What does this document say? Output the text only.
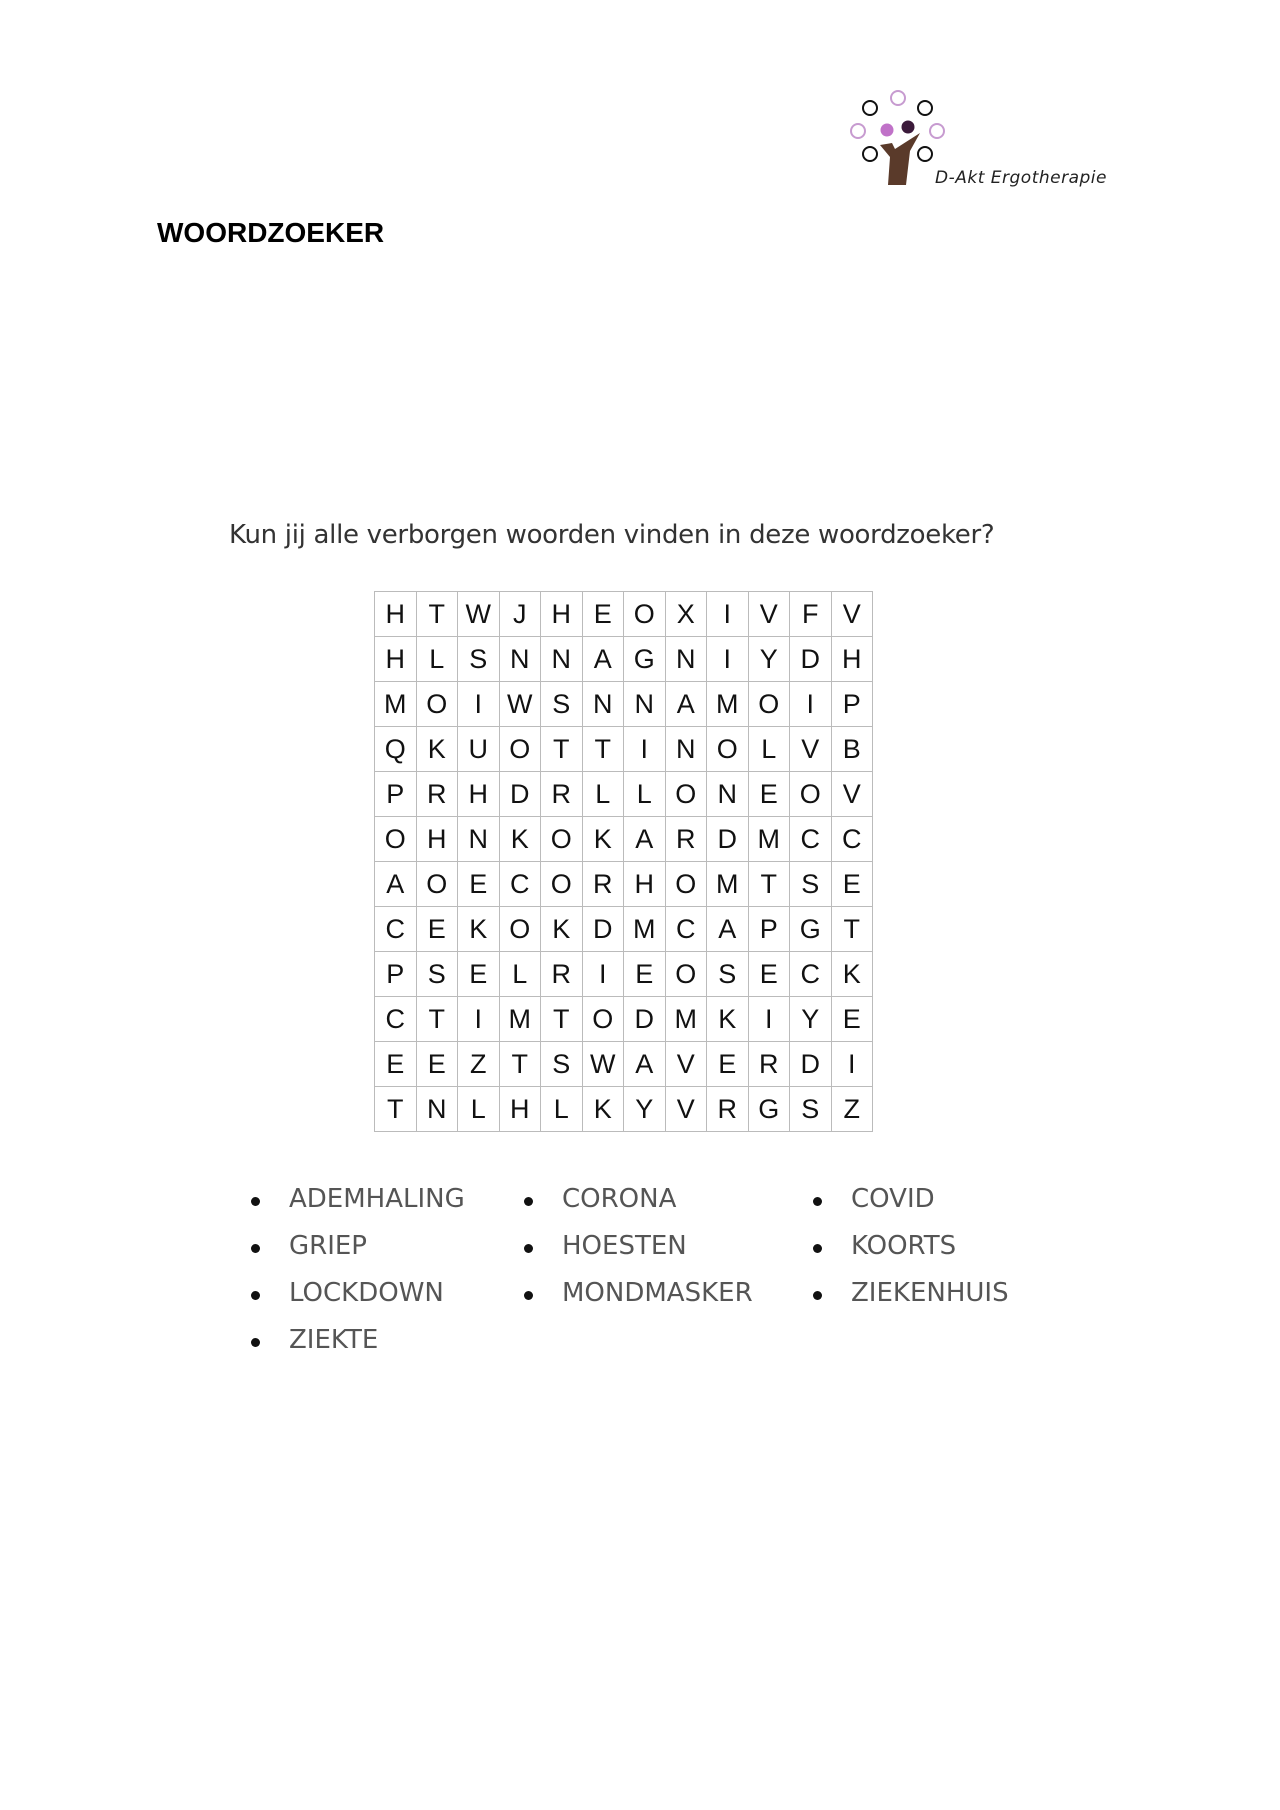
D-Akt Ergotherapie
WOORDZOEKER
Kun jij alle verborgen woorden vinden in deze woordzoeker?
H	T	W	J	H	E	O	X	I	V	F	V
H	L	S	N	N	A	G	N	I	Y	D	H
M	O	I	W	S	N	N	A	M	O	I	P
Q	K	U	O	T	T	I	N	O	L	V	B
P	R	H	D	R	L	L	O	N	E	O	V
O	H	N	K	O	K	A	R	D	M	C	C
A	O	E	C	O	R	H	O	M	T	S	E
C	E	K	O	K	D	M	C	A	P	G	T
P	S	E	L	R	I	E	O	S	E	C	K
C	T	I	M	T	O	D	M	K	I	Y	E
E	E	Z	T	S	W	A	V	E	R	D	I
T	N	L	H	L	K	Y	V	R	G	S	Z
ADEMHALING
GRIEP
LOCKDOWN
ZIEKTE
CORONA
HOESTEN
MONDMASKER
COVID
KOORTS
ZIEKENHUIS
